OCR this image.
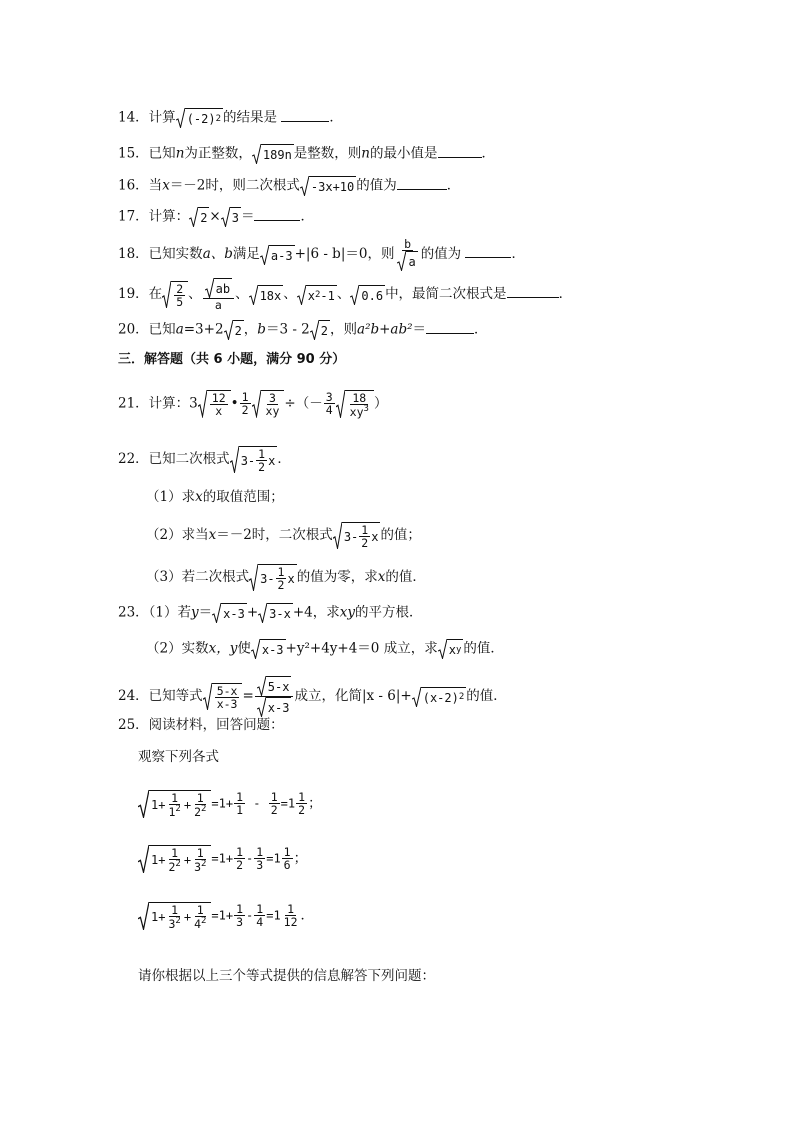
14．计算 (-2) 2 的结果是	．
15．已知n为正整数， 189n 是整数，则n的最小值是	．
16．当x＝－2时，则二次根式 -3x+10 的值为	．
17．计算： 2 × 3 ＝	．
18．已知实数a、b满足 a-3 +|6 - b|＝0，则 $\frac{b}{a}$ 的值为	．
19．在 2
5 、 $\frac{ab}{a}$ 、 18x 、 x 2 -1 、 0.6 中，最简二次根式是	．
20．已知a=3+2 2 ，b＝3 - 2 2 ，则a²b+ab²＝	．
三．解答题（共 6 小题，满分 90 分）
21．计算：3 12
x • $\frac{1}{2} 3$
xy ÷（－ $\frac{3}{4} 18$
$xy^3$ ）
22．已知二次根式 3- 1
2 x ．
（1）求x的取值范围；
（2）求当x＝－2时，二次根式 3- 1
2 x 的值；
（3）若二次根式 3- 1
2 x 的值为零，求x的值．
23．（1）若y＝ x-3 + 3-x +4，求xy的平方根．
（2）实数x，y使 x-3 +y²+4y+4＝0 成立，求 x y 的值．
24．已知等式 5-x
$x-3 = \frac{5-x}{x-3}$ 成立，化简|x - 6|+ (x-2) 2 的值．
25．阅读材料，回答问题：
观察下列各式
$1 + \frac{1}{1^2} + \frac{1}{2^2} =1+ \frac{1}{1} - \frac{1}{2} =1 \frac{1}{2}$ ；
$1 + \frac{1}{2^2} + \frac{1}{3^2} =1+ \frac{1}{2} - \frac{1}{3} =1 \frac{1}{6}$ ；
$1 + \frac{1}{3^2} + \frac{1}{4^2} =1+ \frac{1}{3} - \frac{1}{4} =1 \frac{1}{12}$ ．
请你根据以上三个等式提供的信息解答下列问题：
